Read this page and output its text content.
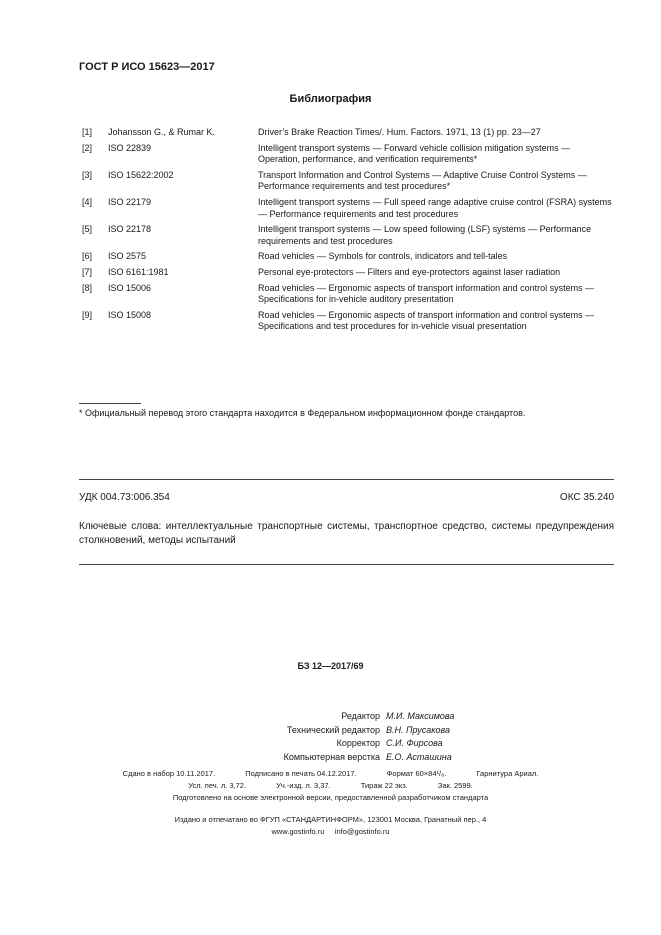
ГОСТ Р ИСО 15623—2017
Библиография
[1]	Johansson G., & Rumar K.	Driver’s Brake Reaction Times/. Hum. Factors. 1971, 13 (1) pp. 23—27
[2]	ISO 22839	Intelligent transport systems — Forward vehicle collision mitigation systems — Operation, performance, and verification requirements*
[3]	ISO 15622:2002	Transport Information and Control Systems — Adaptive Cruise Control Systems — Performance requirements and test procedures*
[4]	ISO 22179	Intelligent transport systems — Full speed range adaptive cruise control (FSRA) systems — Performance requirements and test procedures
[5]	ISO 22178	Intelligent transport systems — Low speed following (LSF) systems — Performance requirements and test procedures
[6]	ISO 2575	Road vehicles — Symbols for controls, indicators and tell-tales
[7]	ISO 6161:1981	Personal eye-protectors — Filters and eye-protectors against laser radiation
[8]	ISO 15006	Road vehicles — Ergonomic aspects of transport information and control systems — Specifications for in-vehicle auditory presentation
[9]	ISO 15008	Road vehicles — Ergonomic aspects of transport information and control systems — Specifications and test procedures for in-vehicle visual presentation
* Официальный перевод этого стандарта находится в Федеральном информационном фонде стандартов.
УДК 004.73:006.354	ОКС 35.240
Ключевые слова: интеллектуальные транспортные системы, транспортное средство, системы предупреждения столкновений, методы испытаний
БЗ 12—2017/69
Редактор М.И. Максимова
Технический редактор В.Н. Прусакова
Корректор С.И. Фирсова
Компьютерная верстка Е.О. Асташина
Сдано в набор 10.11.2017.	Подписано в печать 04.12.2017.	Формат 60×84¹/₈.	Гарнитура Ариал.
Усл. печ. л. 3,72.	Уч.-изд. л. 3,37.	Тираж 22 экз.	Зак. 2599.
Подготовлено на основе электронной версии, предоставленной разработчиком стандарта
Издано и отпечатано во ФГУП «СТАНДАРТИНФОРМ», 123001 Москва, Гранатный пер., 4
www.gostinfo.ru info@gostinfo.ru
